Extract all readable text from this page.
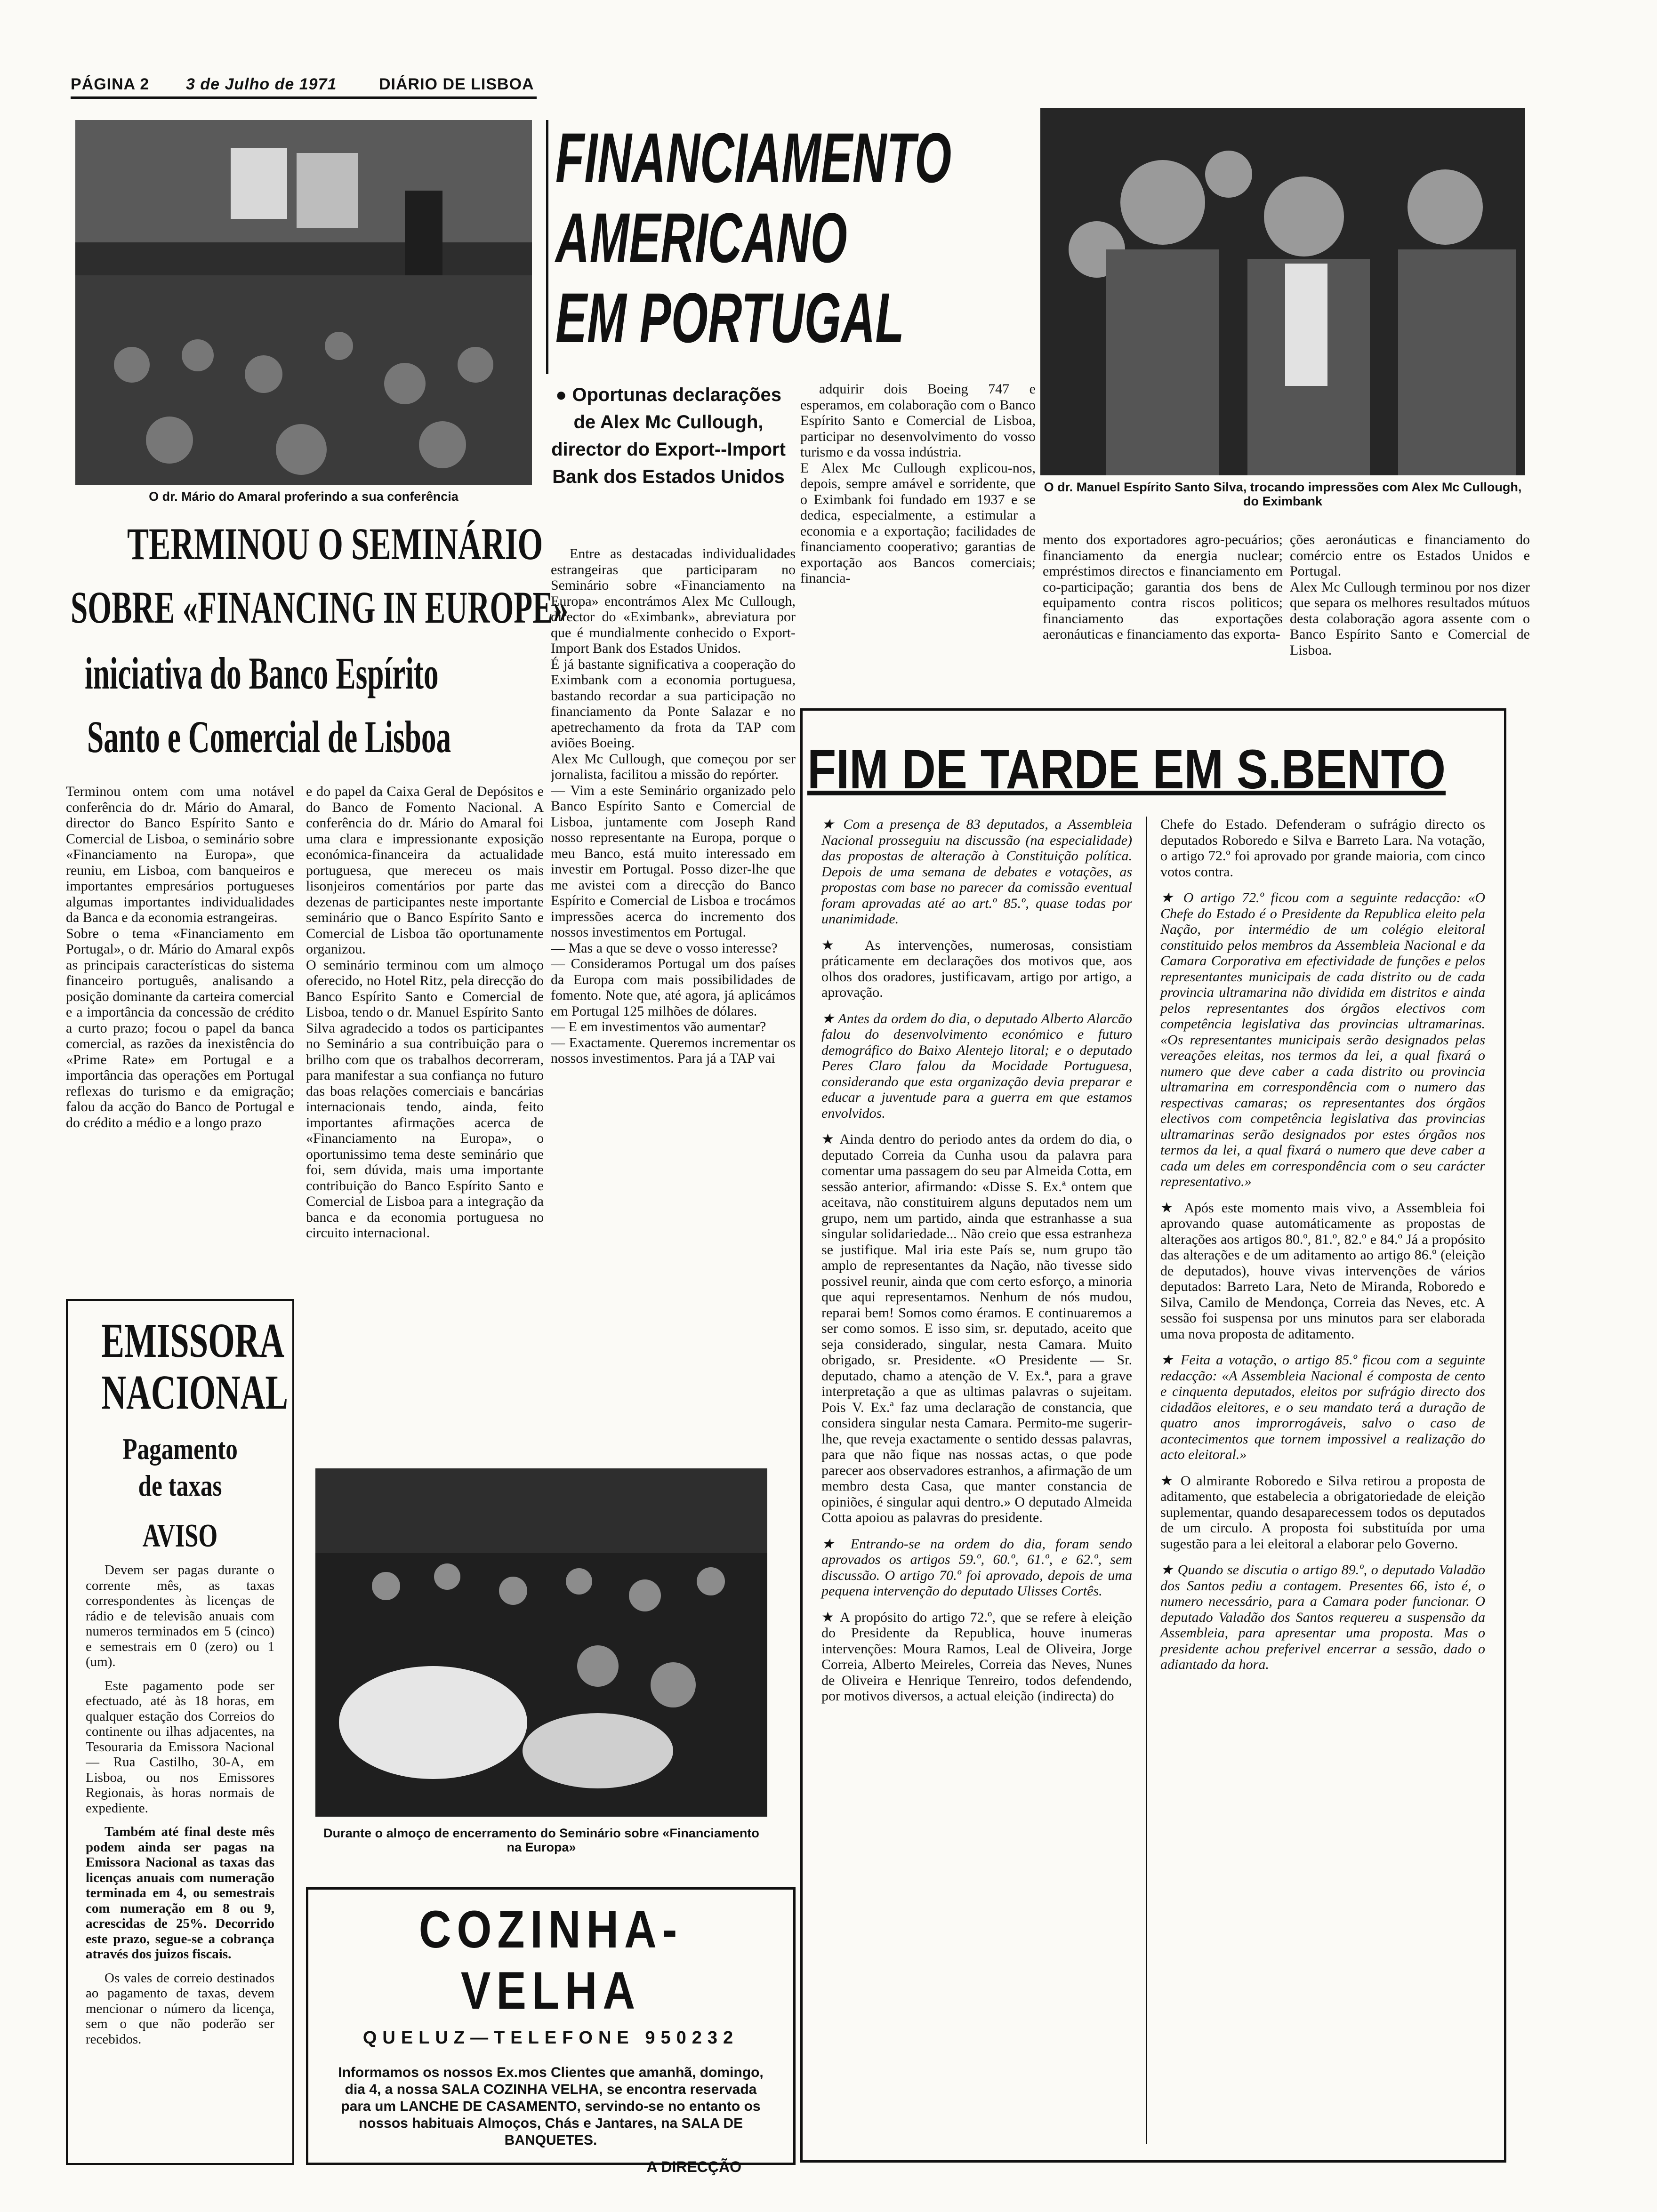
PÁGINA 2 3 de Julho de 1971	DIÁRIO DE LISBOA
O dr. Mário do Amaral proferindo a sua conferência
TERMINOU O SEMINÁRIO
SOBRE «FINANCING IN EUROPE»
iniciativa do Banco Espírito
Santo e Comercial de Lisboa
Terminou ontem com uma notável conferência do dr. Mário do Amaral, director do Banco Espírito Santo e Comercial de Lisboa, o seminário sobre «Financiamento na Europa», que reuniu, em Lisboa, com banqueiros e importantes empresários portugueses algumas importantes individualidades da Banca e da economia estrangeiras.
Sobre o tema «Financiamento em Portugal», o dr. Mário do Amaral expôs as principais características do sistema financeiro português, analisando a posição dominante da carteira comercial e a importância da concessão de crédito a curto prazo; focou o papel da banca comercial, as razões da inexistência do «Prime Rate» em Portugal e a importância das operações em Portugal reflexas do turismo e da emigração; falou da acção do Banco de Portugal e do crédito a médio e a longo prazo
e do papel da Caixa Geral de Depósitos e do Banco de Fomento Nacional. A conferência do dr. Mário do Amaral foi uma clara e impressionante exposição económica-financeira da actualidade portuguesa, que mereceu os mais lisonjeiros comentários por parte das dezenas de participantes neste importante seminário que o Banco Espírito Santo e Comercial de Lisboa tão oportunamente organizou.
O seminário terminou com um almoço oferecido, no Hotel Ritz, pela direcção do Banco Espírito Santo e Comercial de Lisboa, tendo o dr. Manuel Espírito Santo Silva agradecido a todos os participantes no Seminário a sua contribuição para o brilho com que os trabalhos decorreram, para manifestar a sua confiança no futuro das boas relações comerciais e bancárias internacionais tendo, ainda, feito importantes afirmações acerca de «Financiamento na Europa», o oportunissimo tema deste seminário que foi, sem dúvida, mais uma importante contribuição do Banco Espírito Santo e Comercial de Lisboa para a integração da banca e da economia portuguesa no circuito internacional.
EMISSORA
NACIONAL
Pagamento
de taxas
AVISO
Devem ser pagas durante o corrente mês, as taxas correspondentes às licenças de rádio e de televisão anuais com numeros terminados em 5 (cinco) e semestrais em 0 (zero) ou 1 (um).
Este pagamento pode ser efectuado, até às 18 horas, em qualquer estação dos Correios do continente ou ilhas adjacentes, na Tesouraria da Emissora Nacional — Rua Castilho, 30-A, em Lisboa, ou nos Emissores Regionais, às horas normais de expediente.
Também até final deste mês podem ainda ser pagas na Emissora Nacional as taxas das licenças anuais com numeração terminada em 4, ou semestrais com numeração em 8 ou 9, acrescidas de 25%. Decorrido este prazo, segue-se a cobrança através dos juizos fiscais.
Os vales de correio destinados ao pagamento de taxas, devem mencionar o número da licença, sem o que não poderão ser recebidos.
FINANCIAMENTO
AMERICANO
EM PORTUGAL
● Oportunas declarações de Alex Mc Cullough, director do Export--Import Bank dos Estados Unidos
Entre as destacadas individualidades estrangeiras que participaram no Seminário sobre «Financiamento na Europa» encontrámos Alex Mc Cullough, director do «Eximbank», abreviatura por que é mundialmente conhecido o Export-Import Bank dos Estados Unidos.
É já bastante significativa a cooperação do Eximbank com a economia portuguesa, bastando recordar a sua participação no financiamento da Ponte Salazar e no apetrechamento da frota da TAP com aviões Boeing.
Alex Mc Cullough, que começou por ser jornalista, facilitou a missão do repórter.
— Vim a este Seminário organizado pelo Banco Espírito Santo e Comercial de Lisboa, juntamente com Joseph Rand nosso representante na Europa, porque o meu Banco, está muito interessado em investir em Portugal. Posso dizer-lhe que me avistei com a direcção do Banco Espírito e Comercial de Lisboa e trocámos impressões acerca do incremento dos nossos investimentos em Portugal.
— Mas a que se deve o vosso interesse?
— Consideramos Portugal um dos países da Europa com mais possibilidades de fomento. Note que, até agora, já aplicámos em Portugal 125 milhões de dólares.
— E em investimentos vão aumentar?
— Exactamente. Queremos incrementar os nossos investimentos. Para já a TAP vai
adquirir dois Boeing 747 e esperamos, em colaboração com o Banco Espírito Santo e Comercial de Lisboa, participar no desenvolvimento do vosso turismo e da vossa indústria.
E Alex Mc Cullough explicou-nos, depois, sempre amável e sorridente, que o Eximbank foi fundado em 1937 e se dedica, especialmente, a estimular a economia e a exportação; facilidades de financiamento cooperativo; garantias de exportação aos Bancos comerciais; financia-
mento dos exportadores agro-pecuários; financiamento da energia nuclear; empréstimos directos e financiamento em co-participação; garantia dos bens de equipamento contra riscos politicos; financiamento das exportações aeronáuticas e financiamento das exporta-
ções aeronáuticas e financiamento do comércio entre os Estados Unidos e Portugal.
Alex Mc Cullough terminou por nos dizer que separa os melhores resultados mútuos desta colaboração agora assente com o Banco Espírito Santo e Comercial de Lisboa.
O dr. Manuel Espírito Santo Silva, trocando impressões com Alex Mc Cullough, do Eximbank
Durante o almoço de encerramento do Seminário sobre «Financiamento na Europa»
COZINHA-VELHA
QUELUZ—TELEFONE 950232
Informamos os nossos Ex.mos Clientes que amanhã, domingo, dia 4, a nossa SALA COZINHA VELHA, se encontra reservada para um LANCHE DE CASAMENTO, servindo-se no entanto os nossos habituais Almoços, Chás e Jantares, na SALA DE BANQUETES.
A DIRECÇÃO
FIM DE TARDE EM S.BENTO
★ Com a presença de 83 deputados, a Assembleia Nacional prosseguiu na discussão (na especialidade) das propostas de alteração à Constituição política. Depois de uma semana de debates e votações, as propostas com base no parecer da comissão eventual foram aprovadas até ao art.º 85.º, quase todas por unanimidade.
★ As intervenções, numerosas, consistiam práticamente em declarações dos motivos que, aos olhos dos oradores, justificavam, artigo por artigo, a aprovação.
★ Antes da ordem do dia, o deputado Alberto Alarcão falou do desenvolvimento económico e futuro demográfico do Baixo Alentejo litoral; e o deputado Peres Claro falou da Mocidade Portuguesa, considerando que esta organização devia preparar e educar a juventude para a guerra em que estamos envolvidos.
★ Ainda dentro do periodo antes da ordem do dia, o deputado Correia da Cunha usou da palavra para comentar uma passagem do seu par Almeida Cotta, em sessão anterior, afirmando: «Disse S. Ex.ª ontem que aceitava, não constituirem alguns deputados nem um grupo, nem um partido, ainda que estranhasse a sua singular solidariedade... Não creio que essa estranheza se justifique. Mal iria este País se, num grupo tão amplo de representantes da Nação, não tivesse sido possivel reunir, ainda que com certo esforço, a minoria que aqui representamos. Nenhum de nós mudou, reparai bem! Somos como éramos. E continuaremos a ser como somos. E isso sim, sr. deputado, aceito que seja considerado, singular, nesta Camara. Muito obrigado, sr. Presidente. «O Presidente — Sr. deputado, chamo a atenção de V. Ex.ª, para a grave interpretação a que as ultimas palavras o sujeitam. Pois V. Ex.ª faz uma declaração de constancia, que considera singular nesta Camara. Permito-me sugerir-lhe, que reveja exactamente o sentido dessas palavras, para que não fique nas nossas actas, o que pode parecer aos observadores estranhos, a afirmação de um membro desta Casa, que manter constancia de opiniões, é singular aqui dentro.» O deputado Almeida Cotta apoiou as palavras do presidente.
★ Entrando-se na ordem do dia, foram sendo aprovados os artigos 59.º, 60.º, 61.º, e 62.º, sem discussão. O artigo 70.º foi aprovado, depois de uma pequena intervenção do deputado Ulisses Cortês.
★ A propósito do artigo 72.º, que se refere à eleição do Presidente da Republica, houve inumeras intervenções: Moura Ramos, Leal de Oliveira, Jorge Correia, Alberto Meireles, Correia das Neves, Nunes de Oliveira e Henrique Tenreiro, todos defendendo, por motivos diversos, a actual eleição (indirecta) do
Chefe do Estado. Defenderam o sufrágio directo os deputados Roboredo e Silva e Barreto Lara. Na votação, o artigo 72.º foi aprovado por grande maioria, com cinco votos contra.
★ O artigo 72.º ficou com a seguinte redacção: «O Chefe do Estado é o Presidente da Republica eleito pela Nação, por intermédio de um colégio eleitoral constituido pelos membros da Assembleia Nacional e da Camara Corporativa em efectividade de funções e pelos representantes municipais de cada distrito ou de cada provincia ultramarina não dividida em distritos e ainda pelos representantes dos órgãos electivos com competência legislativa das provincias ultramarinas. «Os representantes municipais serão designados pelas vereações eleitas, nos termos da lei, a qual fixará o numero que deve caber a cada distrito ou provincia ultramarina em correspondência com o numero das respectivas camaras; os representantes dos órgãos electivos com competência legislativa das provincias ultramarinas serão designados por estes órgãos nos termos da lei, a qual fixará o numero que deve caber a cada um deles em correspondência com o seu carácter representativo.»
★ Após este momento mais vivo, a Assembleia foi aprovando quase automáticamente as propostas de alterações aos artigos 80.º, 81.º, 82.º e 84.º Já a propósito das alterações e de um aditamento ao artigo 86.º (eleição de deputados), houve vivas intervenções de vários deputados: Barreto Lara, Neto de Miranda, Roboredo e Silva, Camilo de Mendonça, Correia das Neves, etc. A sessão foi suspensa por uns minutos para ser elaborada uma nova proposta de aditamento.
★ Feita a votação, o artigo 85.º ficou com a seguinte redacção: «A Assembleia Nacional é composta de cento e cinquenta deputados, eleitos por sufrágio directo dos cidadãos eleitores, e o seu mandato terá a duração de quatro anos improrrogáveis, salvo o caso de acontecimentos que tornem impossivel a realização do acto eleitoral.»
★ O almirante Roboredo e Silva retirou a proposta de aditamento, que estabelecia a obrigatoriedade de eleição suplementar, quando desaparecessem todos os deputados de um circulo. A proposta foi substituída por uma sugestão para a lei eleitoral a elaborar pelo Governo.
★ Quando se discutia o artigo 89.º, o deputado Valadão dos Santos pediu a contagem. Presentes 66, isto é, o numero necessário, para a Camara poder funcionar. O deputado Valadão dos Santos requereu a suspensão da Assembleia, para apresentar uma proposta. Mas o presidente achou preferivel encerrar a sessão, dado o adiantado da hora.
